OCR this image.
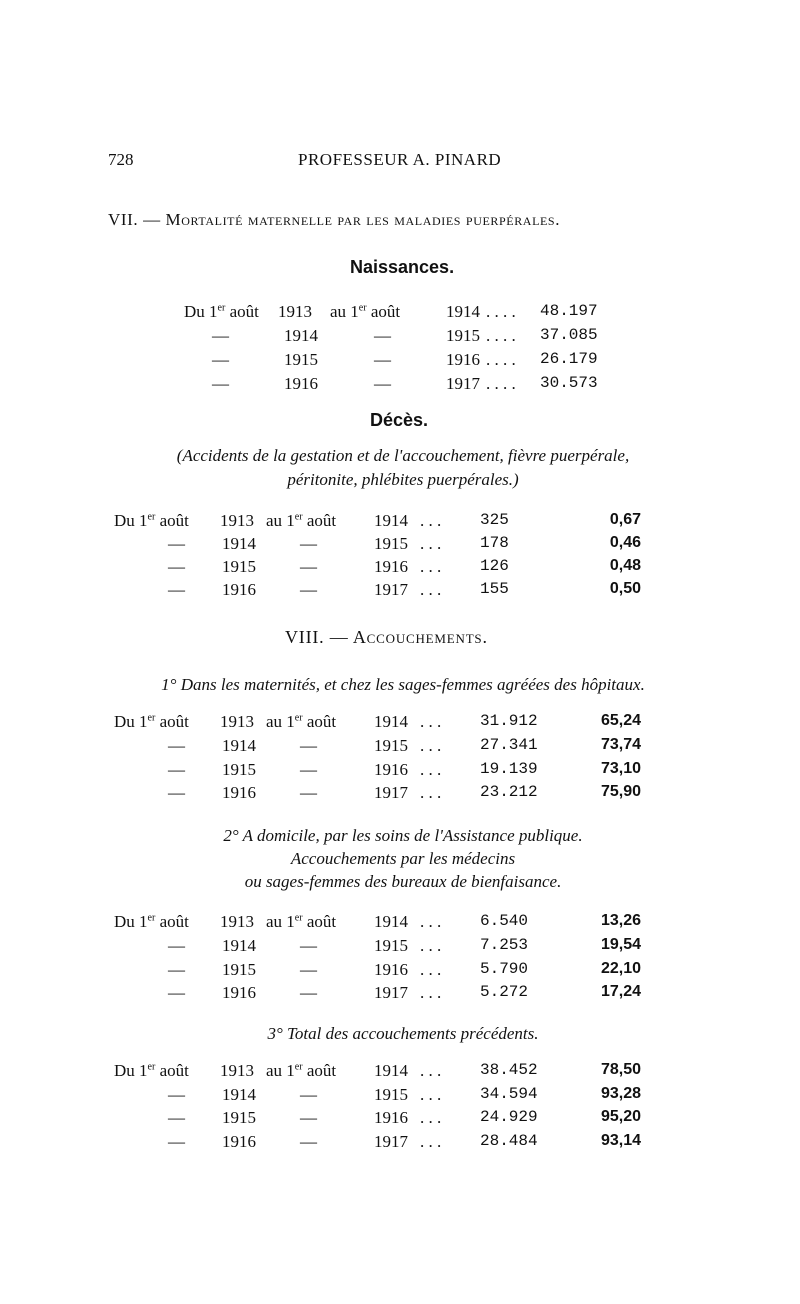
728	PROFESSEUR A. PINARD
VII. — Mortalité maternelle par les maladies puerpérales.
Naissances.
Du 1er août 1913 au 1er août	1914 . . . . 48.197
—	1914	—	1915 . . . . 37.085
—	1915	—	1916 . . . . 26.179
—	1916	—	1917 . . . . 30.573
Décès.
(Accidents de la gestation et de l'accouchement, fièvre puerpérale,
péritonite, phlébites puerpérales.)
Du 1er août 1913 au 1er août 1914 . . . 325	0,67
— 1914	—	1915 . . . 178	0,46
— 1915	—	1916 . . . 126	0,48
— 1916	—	1917 . . . 155	0,50
VIII. — Accouchements.
1° Dans les maternités, et chez les sages-femmes agréées des hôpitaux.
Du 1er août 1913 au 1er août 1914 . . . 31.912	65,24
— 1914	—	1915 . . . 27.341	73,74
— 1915	—	1916 . . . 19.139	73,10
— 1916	—	1917 . . . 23.212	75,90
2° A domicile, par les soins de l'Assistance publique.
Accouchements par les médecins
ou sages-femmes des bureaux de bienfaisance.
Du 1er août 1913 au 1er août 1914 . . . 6.540	13,26
— 1914	—	1915 . . . 7.253	19,54
— 1915	—	1916 . . . 5.790	22,10
— 1916	—	1917 . . . 5.272	17,24
3° Total des accouchements précédents.
Du 1er août 1913 au 1er août 1914 . . . 38.452	78,50
— 1914	—	1915 . . . 34.594	93,28
— 1915	—	1916 . . . 24.929	95,20
— 1916	—	1917 . . . 28.484	93,14
